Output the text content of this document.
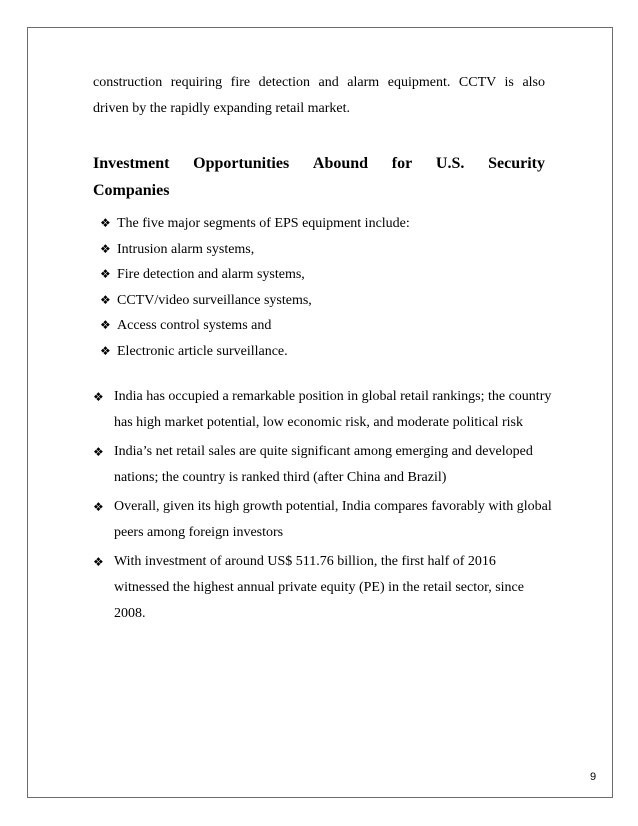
construction requiring fire detection and alarm equipment. CCTV is also
driven by the rapidly expanding retail market.
Investment Opportunities Abound for U.S. Security
Companies
❖ The five major segments of EPS equipment include:
❖ Intrusion alarm systems,
❖ Fire detection and alarm systems,
❖ CCTV/video surveillance systems,
❖ Access control systems and
❖ Electronic article surveillance.
❖ India has occupied a remarkable position in global retail rankings; the country has high market potential, low economic risk, and moderate political risk
❖ India’s net retail sales are quite significant among emerging and developed nations; the country is ranked third (after China and Brazil)
❖ Overall, given its high growth potential, India compares favorably with global peers among foreign investors
❖ With investment of around US$ 511.76 billion, the first half of 2016 witnessed the highest annual private equity (PE) in the retail sector, since 2008.
9
